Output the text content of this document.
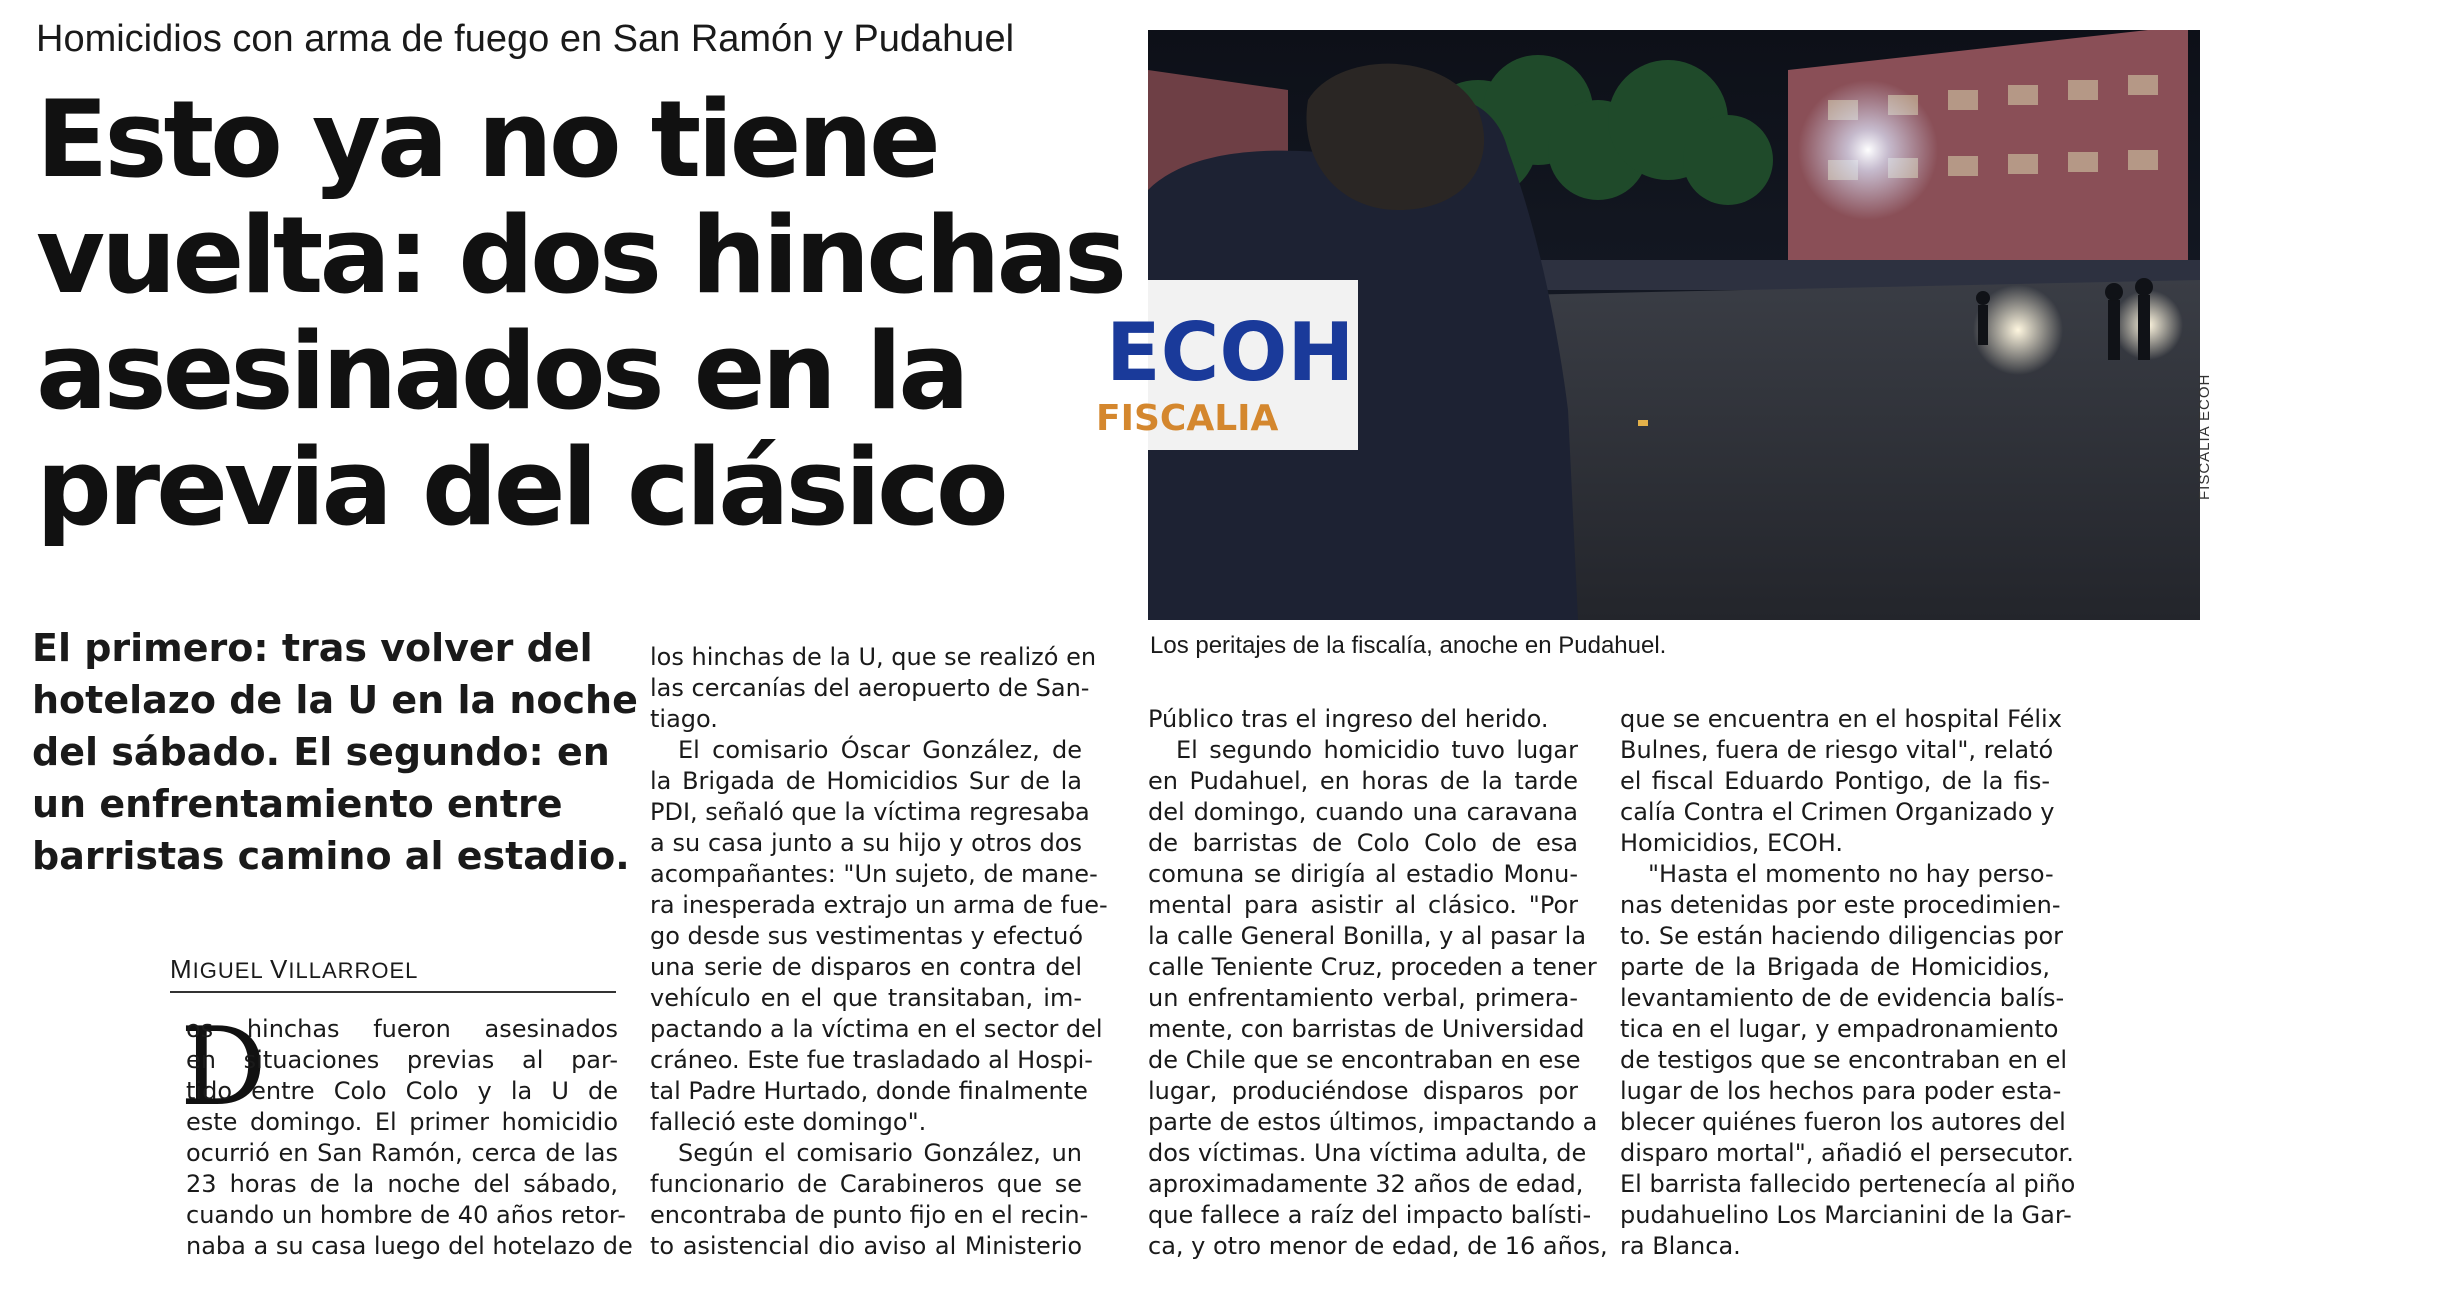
Homicidios con arma de fuego en San Ramón y Pudahuel
Esto ya no tiene
vuelta: dos hinchas
asesinados en la
previa del clásico
El primero: tras volver del
hotelazo de la U en la noche
del sábado. El segundo: en
un enfrentamiento entre
barristas camino al estadio.
MIGUEL VILLARROEL
D
os hinchas fueron asesinados
en situaciones previas al par-
tido entre Colo Colo y la U de
este domingo. El primer homicidio
ocurrió en San Ramón, cerca de las
23 horas de la noche del sábado,
cuando un hombre de 40 años retor-
naba a su casa luego del hotelazo de
los hinchas de la U, que se realizó en
las cercanías del aeropuerto de San-
tiago.
El comisario Óscar González, de
la Brigada de Homicidios Sur de la
PDI, señaló que la víctima regresaba
a su casa junto a su hijo y otros dos
acompañantes: "Un sujeto, de mane-
ra inesperada extrajo un arma de fue-
go desde sus vestimentas y efectuó
una serie de disparos en contra del
vehículo en el que transitaban, im-
pactando a la víctima en el sector del
cráneo. Este fue trasladado al Hospi-
tal Padre Hurtado, donde finalmente
falleció este domingo".
Según el comisario González, un
funcionario de Carabineros que se
encontraba de punto fijo en el recin-
to asistencial dio aviso al Ministerio
Público tras el ingreso del herido.
El segundo homicidio tuvo lugar
en Pudahuel, en horas de la tarde
del domingo, cuando una caravana
de barristas de Colo Colo de esa
comuna se dirigía al estadio Monu-
mental para asistir al clásico. "Por
la calle General Bonilla, y al pasar la
calle Teniente Cruz, proceden a tener
un enfrentamiento verbal, primera-
mente, con barristas de Universidad
de Chile que se encontraban en ese
lugar, produciéndose disparos por
parte de estos últimos, impactando a
dos víctimas. Una víctima adulta, de
aproximadamente 32 años de edad,
que fallece a raíz del impacto balísti-
ca, y otro menor de edad, de 16 años,
que se encuentra en el hospital Félix
Bulnes, fuera de riesgo vital", relató
el fiscal Eduardo Pontigo, de la fis-
calía Contra el Crimen Organizado y
Homicidios, ECOH.
"Hasta el momento no hay perso-
nas detenidas por este procedimien-
to. Se están haciendo diligencias por
parte de la Brigada de Homicidios,
levantamiento de de evidencia balís-
tica en el lugar, y empadronamiento
de testigos que se encontraban en el
lugar de los hechos para poder esta-
blecer quiénes fueron los autores del
disparo mortal", añadió el persecutor.
El barrista fallecido pertenecía al piño
pudahuelino Los Marcianini de la Gar-
ra Blanca.
ECOH
FISCALIA	FISCALIA ECOH
Los peritajes de la fiscalía, anoche en Pudahuel.
